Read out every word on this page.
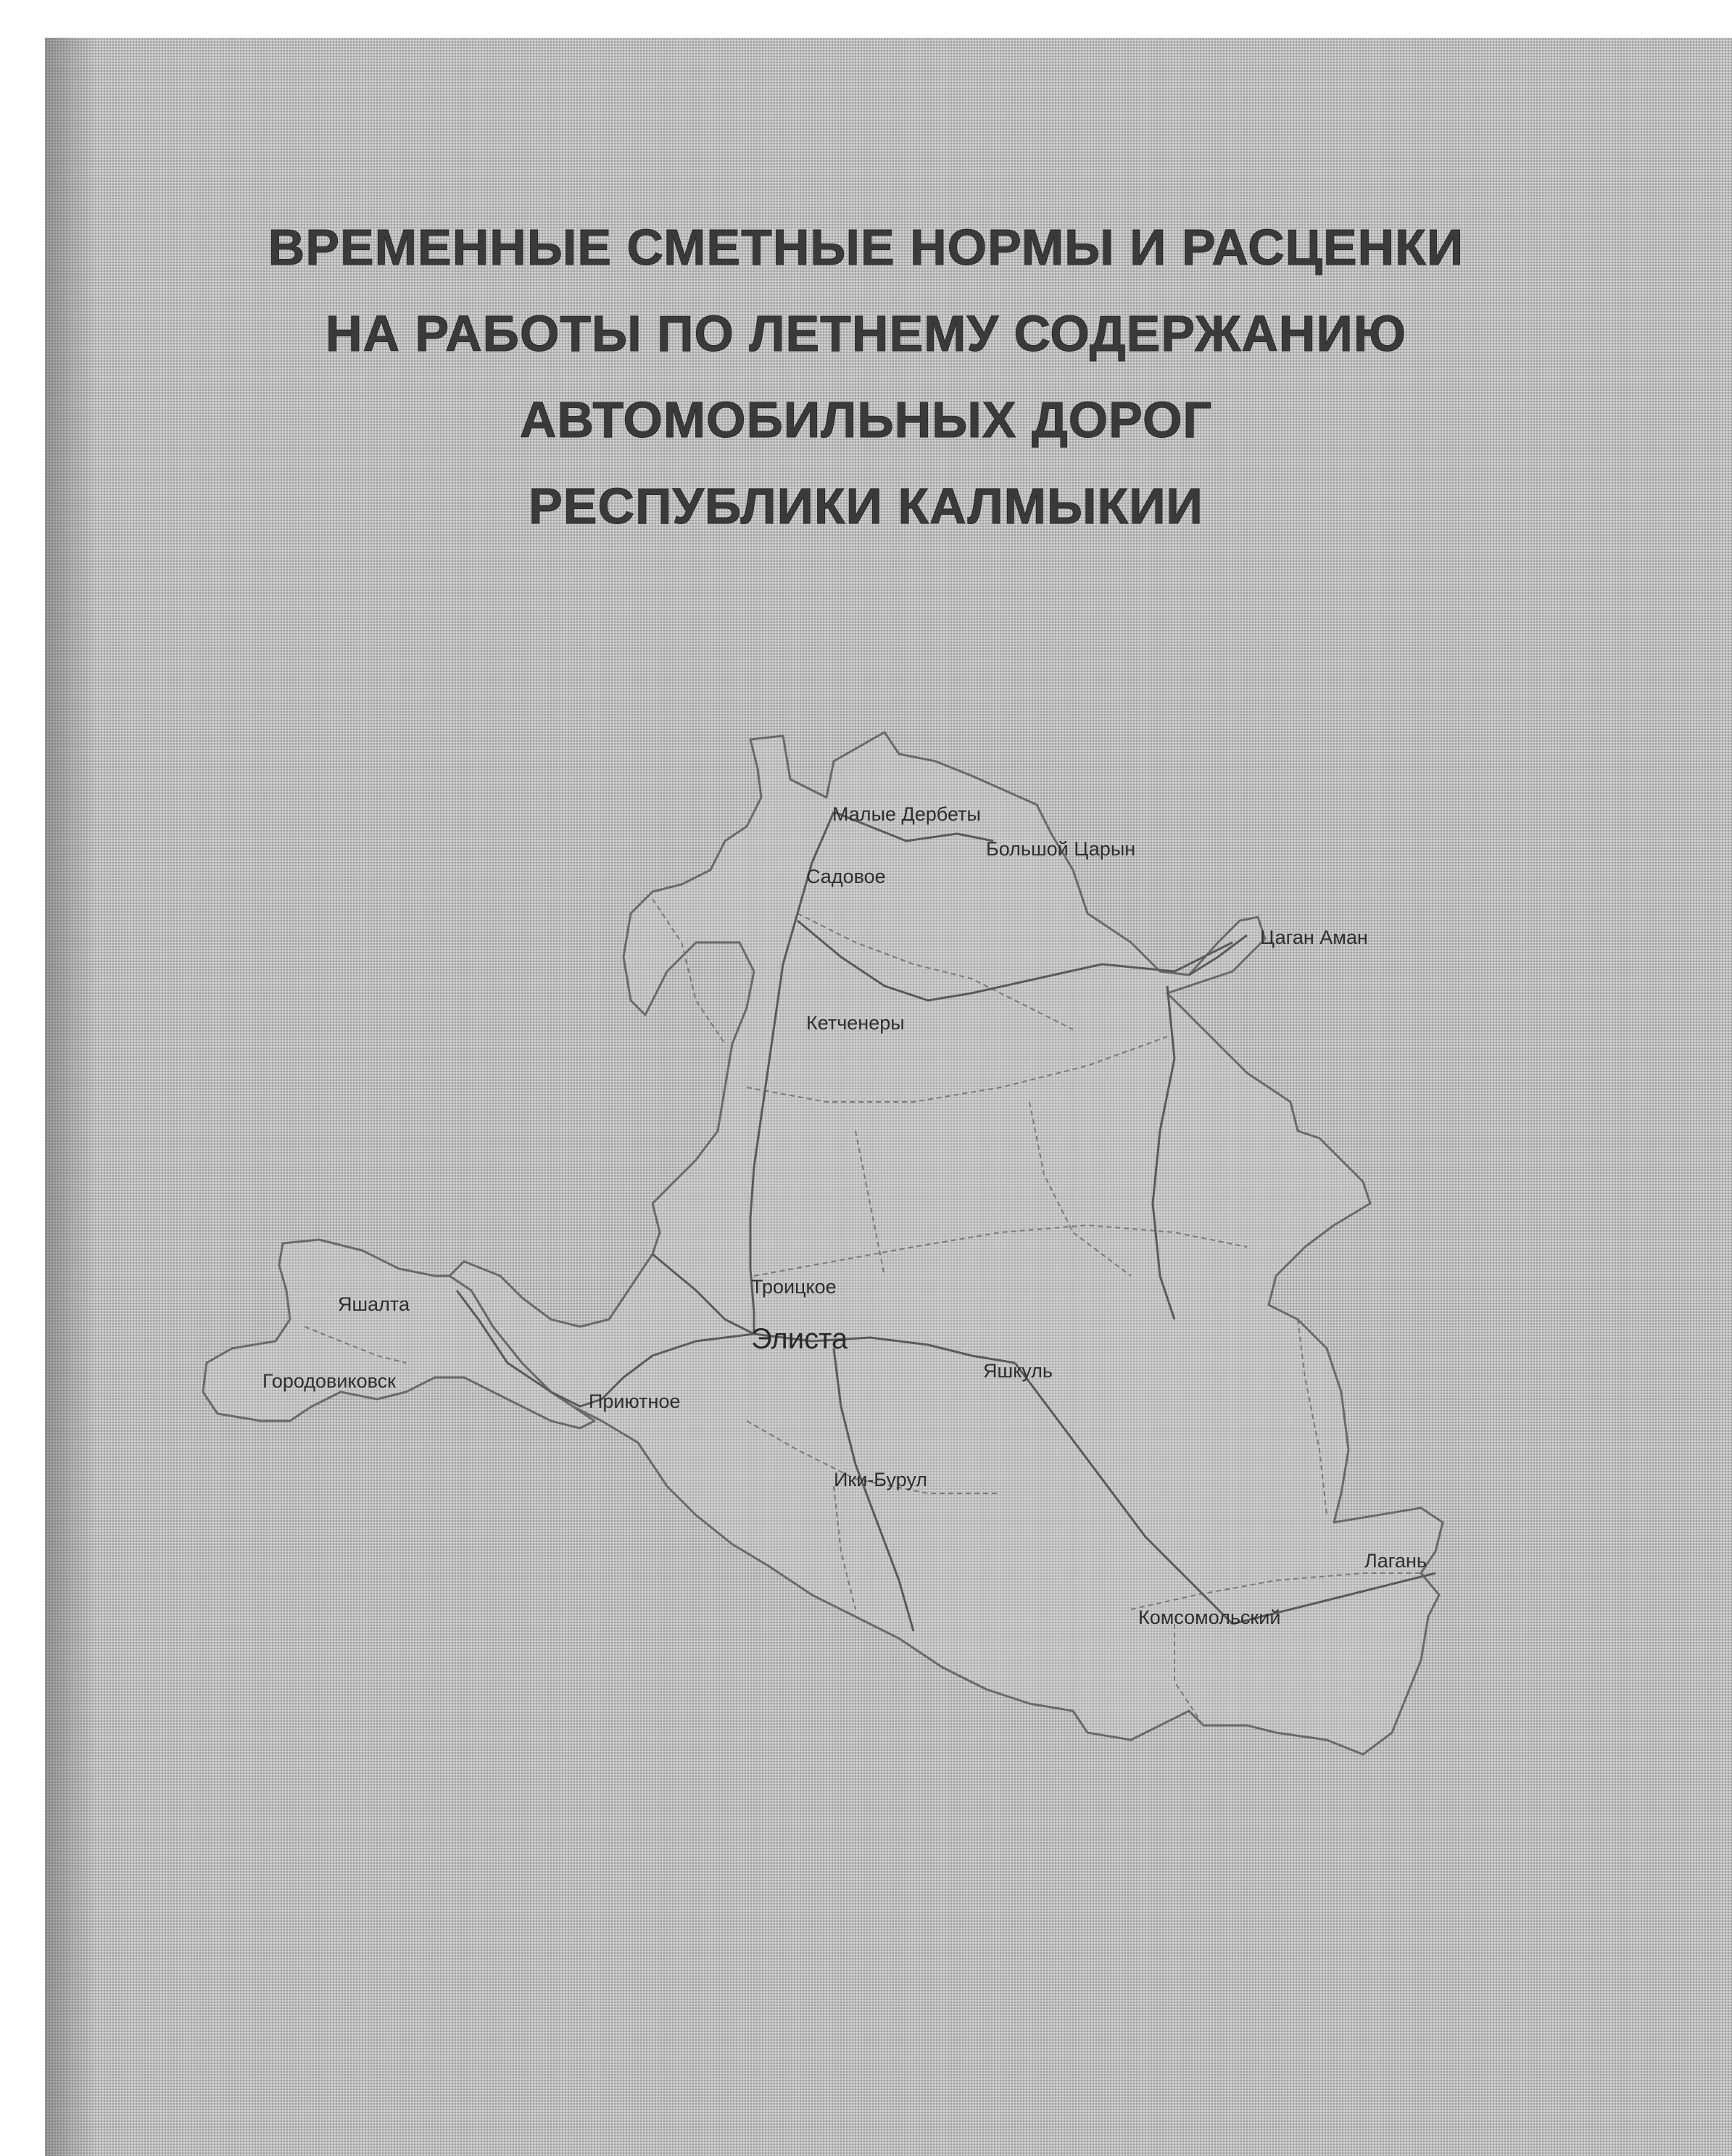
ВРЕМЕННЫЕ СМЕТНЫЕ НОРМЫ И РАСЦЕНКИ
НА РАБОТЫ ПО ЛЕТНЕМУ СОДЕРЖАНИЮ
АВТОМОБИЛЬНЫХ ДОРОГ
РЕСПУБЛИКИ КАЛМЫКИИ
Малые Дербеты
Большой Царын
Садовое
Цаган Аман
Кетченеры
Троицкое
Элиста
Яшалта
Городовиковск
Приютное
Яшкуль
Ики-Бурул
Лагань
Комсомольский
